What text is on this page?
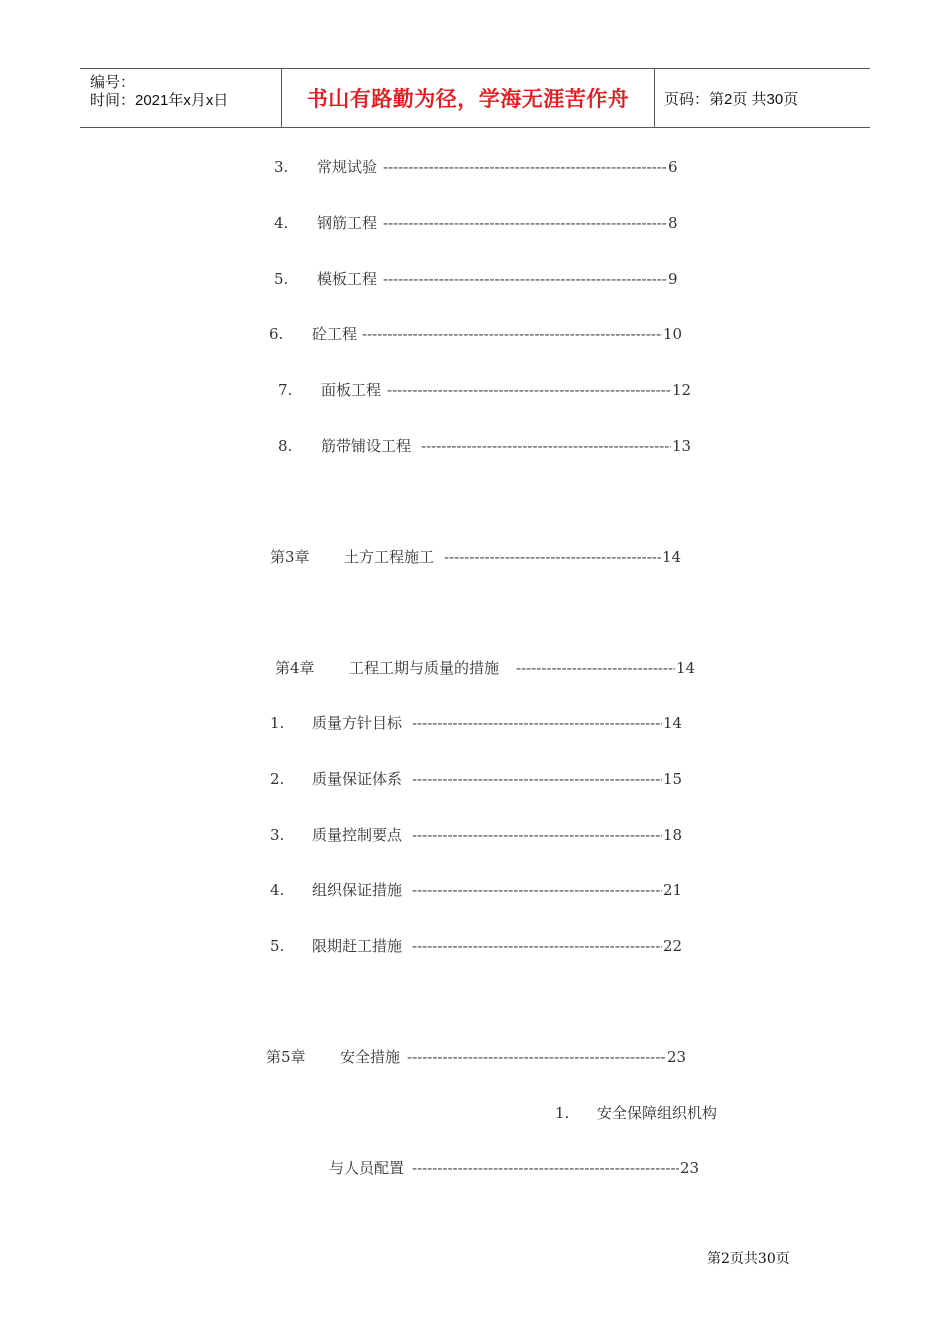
编号：
时间：2021年x月x日	书山有路勤为径，学海无涯苦作舟	页码：第2页 共30页
3. 常规试验 -----	6
4. 钢筋工程 -----	8
5. 模板工程 -----	9
6. 砼工程 -----	10
7. 面板工程 -----	12
8. 筋带铺设工程 -----	13
第3章 土方工程施工 -----	14
第4章 工程工期与质量的措施 -----	14
1. 质量方针目标 -----	14
2. 质量保证体系 -----	15
3. 质量控制要点 -----	18
4. 组织保证措施 -----	21
5. 限期赶工措施 -----	22
第5章 安全措施 -----	23
1. 安全保障组织机构
与人员配置 -----	23
第2页共30页
